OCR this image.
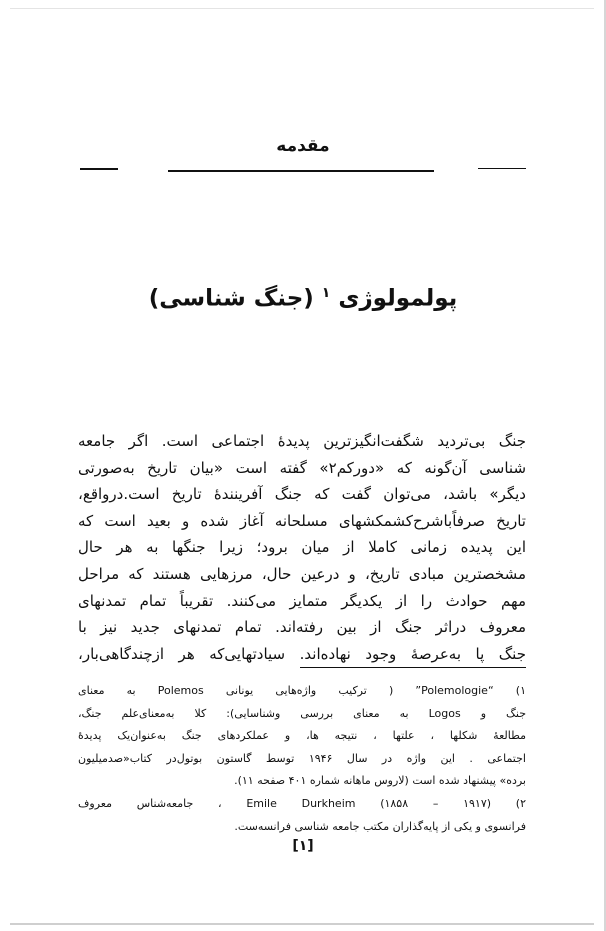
مقدمه
پولمولوژی $^۱$ (جنگ شناسی)
جنگ بی‌تردید شگفت‌انگیزترین پدیدهٔ اجتماعی است. اگر جامعه‌
شناسی آن‌گونه که «دورکم۲» گفته است «بیان تاریخ به‌صورتی
دیگر» باشد، می‌توان گفت که جنگ آفرینندهٔ تاریخ است.درواقع،
تاریخ صرفاًباشرح‌کشمکشهای مسلحانه آغاز شده و بعید است که
این پدیده زمانی کاملا از میان برود؛ زیرا جنگها به هر حال
مشخصترین مبادی تاریخ، و درعین حال، مرزهایی هستند که مراحل
مهم حوادث را از یکدیگر متمایز می‌کنند. تقریباً تمام تمدنهای
معروف دراثر جنگ از بین رفته‌اند. تمام تمدنهای جدید نیز با
جنگ پا به‌عرصهٔ وجود نهاده‌اند. سیادتهایی‌که هر ازچندگاهی‌بار،
۱) “Polemologie” ( ترکیب واژه‌هایی یونانی Polemos به معنای
جنگ و Logos به معنای بررسی وشناسایی): کلا به‌معنای‌علم جنگ،
مطالعهٔ شکلها ، علتها ، نتیجه ها، و عملکردهای جنگ به‌عنوان‌یک پدیدهٔ
اجتماعی . این واژه در سال ۱۹۴۶ توسط گاستون بوتول‌در کتاب‌«صدمیلیون
برده» پیشنهاد شده است (لاروس ماهانه شماره ۴۰۱ صفحه ۱۱).
۲) Emile Durkheim (۱۸۵۸ – ۱۹۱۷) ، جامعه‌شناس معروف
فرانسوی و یکی از پایه‌گذاران مکتب جامعه شناسی فرانسه‌ست.
[۱]
